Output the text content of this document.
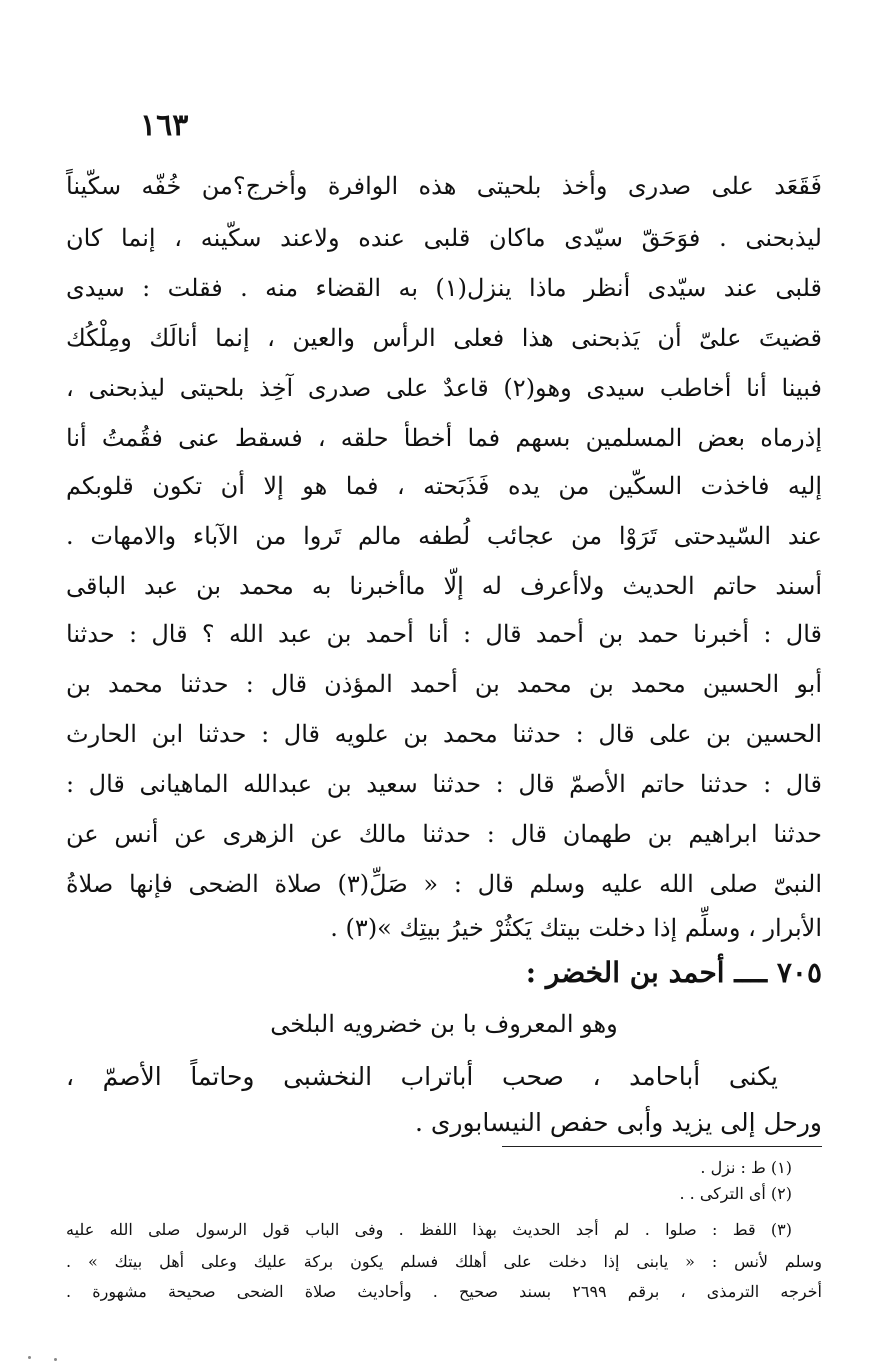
١٦٣
فَقَعَد على صدرى وأخذ بلحيتى هذه الوافرة وأخرج؟من خُفّه سكّيناً
ليذبحنى . فوَحَقّ سيّدى ماكان قلبى عنده ولاعند سكّينه ، إنما كان
قلبى عند سيّدى أنظر ماذا ينزل(١) به القضاء منه . فقلت : سيدى
قضيتَ علىّ أن يَذبحنى هذا فعلى الرأس والعين ، إنما أنالَك ومِلْكُك
فبينا أنا أخاطب سيدى وهو(٢) قاعدٌ على صدرى آخِذ بلحيتى ليذبحنى ،
إذرماه بعض المسلمين بسهم فما أخطأ حلقه ، فسقط عنى فقُمتُ أنا
إليه فاخذت السكّين من يده فَذَبَحته ، فما هو إلا أن تكون قلوبكم
عند السّيدحتى تَرَوْا من عجائب لُطفه مالم تَروا من الآباء والامهات .
أسند حاتم الحديث ولاأعرف له إلّا ماأخبرنا به محمد بن عبد الباقى
قال : أخبرنا حمد بن أحمد قال : أنا أحمد بن عبد الله ؟ قال : حدثنا
أبو الحسين محمد بن محمد بن أحمد المؤذن قال : حدثنا محمد بن
الحسين بن على قال : حدثنا محمد بن علويه قال : حدثنا ابن الحارث
قال : حدثنا حاتم الأصمّ قال : حدثنا سعيد بن عبدالله الماهيانى قال :
حدثنا ابراهيم بن طهمان قال : حدثنا مالك عن الزهرى عن أنس عن
النبىّ صلى الله عليه وسلم قال : « صَلِّ(٣) صلاة الضحى فإنها صلاةُ
الأبرار ، وسلِّم إذا دخلت بيتك يَكثُرْ خيرُ بيتِك »(٣) .
٧٠٥ ــــ أحمد بن الخضر :
وهو المعروف با بن خضرويه البلخى
يكنى أباحامد ، صحب أباتراب النخشبى وحاتماً الأصمّ ،
ورحل إلى يزيد وأبى حفص النيسابورى .
(١) ط : نزل .
(٢) أى التركى . .
(٣) قط : صلوا . لم أجد الحديث بهذا اللفظ . وفى الباب قول الرسول صلى الله عليه
وسلم لأنس : « يابنى إذا دخلت على أهلك فسلم يكون بركة عليك وعلى أهل بيتك » .
أخرجه الترمذى ، برقم ٢٦٩٩ بسند صحيح . وأحاديث صلاة الضحى صحيحة مشهورة .
